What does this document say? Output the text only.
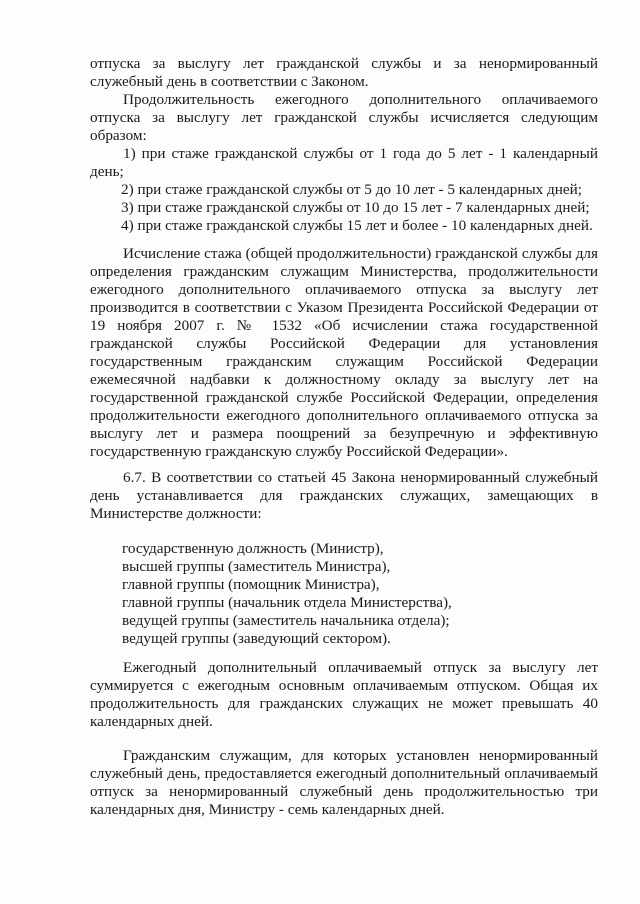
отпуска за выслугу лет гражданской службы и за ненормированный служебный день в соответствии с Законом.

Продолжительность ежегодного дополнительного оплачиваемого отпуска за выслугу лет гражданской службы исчисляется следующим образом:

1) при стаже гражданской службы от 1 года до 5 лет - 1 календарный день;

2) при стаже гражданской службы от 5 до 10 лет - 5 календарных дней;

3) при стаже гражданской службы от 10 до 15 лет - 7 календарных дней;

4) при стаже гражданской службы 15 лет и более - 10 календарных дней.

Исчисление стажа (общей продолжительности) гражданской службы для определения гражданским служащим Министерства, продолжительности ежегодного дополнительного оплачиваемого отпуска за выслугу лет производится в соответствии с Указом Президента Российской Федерации от 19 ноября 2007 г. № 1532 «Об исчислении стажа государственной гражданской службы Российской Федерации для установления государственным гражданским служащим Российской Федерации ежемесячной надбавки к должностному окладу за выслугу лет на государственной гражданской службе Российской Федерации, определения продолжительности ежегодного дополнительного оплачиваемого отпуска за выслугу лет и размера поощрений за безупречную и эффективную государственную гражданскую службу Российской Федерации».

6.7. В соответствии со статьей 45 Закона ненормированный служебный день устанавливается для гражданских служащих, замещающих в Министерстве должности:

государственную должность (Министр),

высшей группы (заместитель Министра),

главной группы (помощник Министра),

главной группы (начальник отдела Министерства),

ведущей группы (заместитель начальника отдела);

ведущей группы (заведующий сектором).

Ежегодный дополнительный оплачиваемый отпуск за выслугу лет суммируется с ежегодным основным оплачиваемым отпуском. Общая их продолжительность для гражданских служащих не может превышать 40 календарных дней.

Гражданским служащим, для которых установлен ненормированный служебный день, предоставляется ежегодный дополнительный оплачиваемый отпуск за ненормированный служебный день продолжительностью три календарных дня, Министру - семь календарных дней.
